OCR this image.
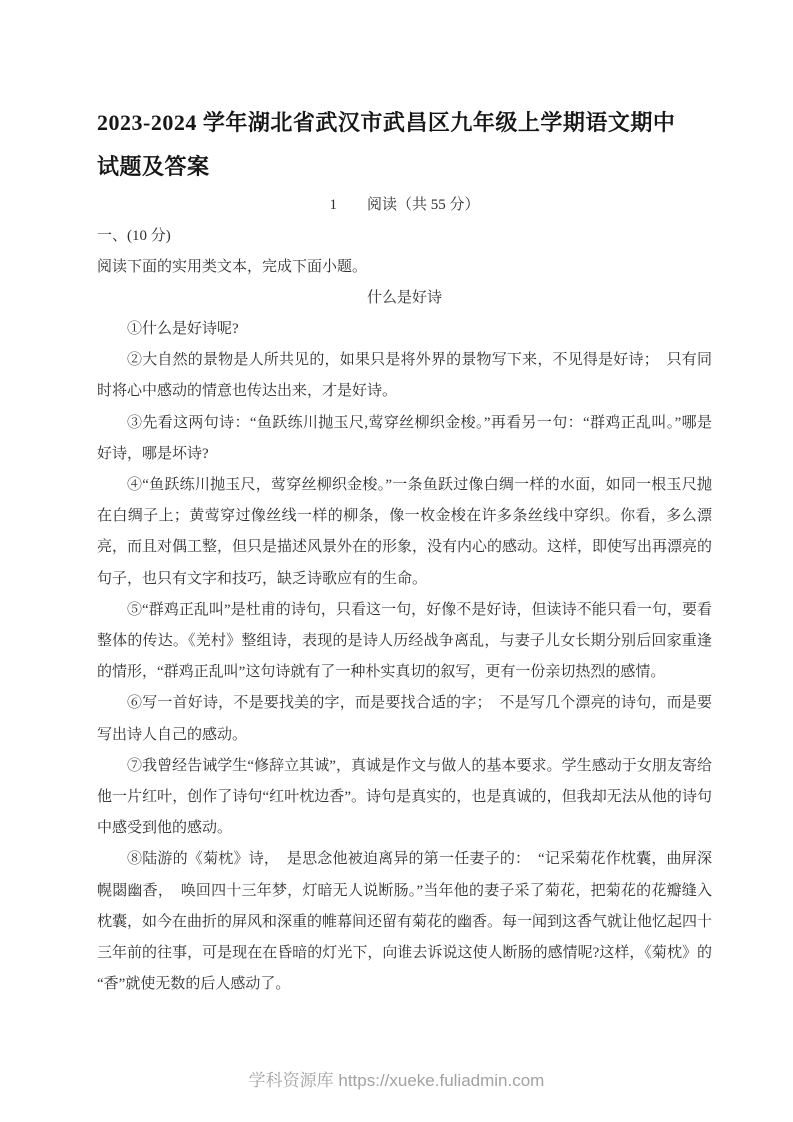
2023-2024 学年湖北省武汉市武昌区九年级上学期语文期中
试题及答案
1　　阅读（共 55 分）

一、(10 分)

阅读下面的实用类文本，完成下面小题。

什么是好诗

①什么是好诗呢?

②大自然的景物是人所共见的，如果只是将外界的景物写下来，不见得是好诗；　只有同时将心中感动的情意也传达出来，才是好诗。

③先看这两句诗：“鱼跃练川抛玉尺,莺穿丝柳织金梭。”再看另一句：“群鸡正乱叫。”哪是好诗，哪是坏诗?

④“鱼跃练川抛玉尺，莺穿丝柳织金梭。”一条鱼跃过像白绸一样的水面，如同一根玉尺抛在白绸子上；黄莺穿过像丝线一样的柳条，像一枚金梭在许多条丝线中穿织。你看，多么漂亮，而且对偶工整，但只是描述风景外在的形象，没有内心的感动。这样，即使写出再漂亮的句子，也只有文字和技巧，缺乏诗歌应有的生命。

⑤“群鸡正乱叫”是杜甫的诗句，只看这一句，好像不是好诗，但读诗不能只看一句，要看整体的传达。《羌村》整组诗，表现的是诗人历经战争离乱，与妻子儿女长期分别后回家重逢的情形，“群鸡正乱叫”这句诗就有了一种朴实真切的叙写，更有一份亲切热烈的感情。

⑥写一首好诗，不是要找美的字，而是要找合适的字；　不是写几个漂亮的诗句，而是要写出诗人自己的感动。

⑦我曾经告诫学生“修辞立其诚”，真诚是作文与做人的基本要求。学生感动于女朋友寄给他一片红叶，创作了诗句“红叶枕边香”。诗句是真实的，也是真诚的，但我却无法从他的诗句中感受到他的感动。

⑧陆游的《菊枕》诗，　是思念他被迫离异的第一任妻子的：　“记采菊花作枕囊，曲屏深幌閟幽香，　唤回四十三年梦，灯暗无人说断肠。”当年他的妻子采了菊花，把菊花的花瓣缝入枕囊，如今在曲折的屏风和深重的帷幕间还留有菊花的幽香。每一闻到这香气就让他忆起四十三年前的往事，可是现在在昏暗的灯光下，向谁去诉说这使人断肠的感情呢?这样，《菊枕》的“香”就使无数的后人感动了。

学科资源库 https://xueke.fuliadmin.com
